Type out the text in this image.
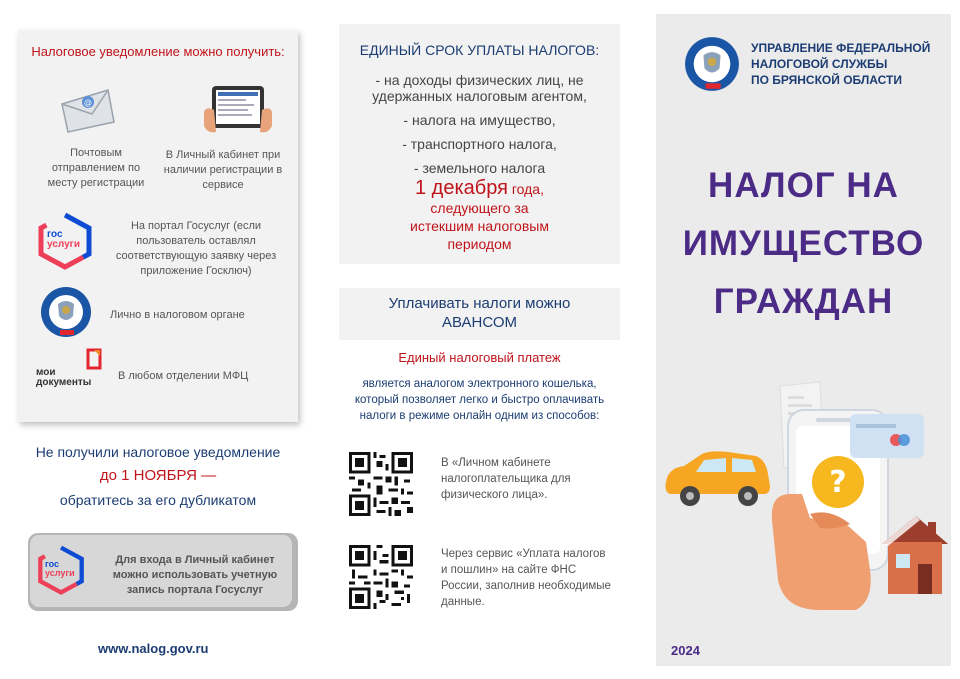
Налоговое уведомление можно получить:
@
Почтовым отправлением по месту регистрации
В Личный кабинет при наличии регистрации в сервисе
гос
услуги
На портал Госуслуг (если пользователь оставлял соответствующую заявку через приложение Госключ)
Лично в налоговом органе
мои
документы
В любом отделении МФЦ
Не получили налоговое уведомление
до 1 НОЯБРЯ —
обратитесь за его дубликатом
гос
услуги
Для входа в Личный кабинет можно использовать учетную запись портала Госуслуг
www.nalog.gov.ru
ЕДИНЫЙ СРОК УПЛАТЫ НАЛОГОВ:
- на доходы физических лиц, не удержанных налоговым агентом,
- налога на имущество,
- транспортного налога,
- земельного налога
1 декабря года,
следующего за истекшим налоговым периодом
Уплачивать налоги можно АВАНСОМ
Единый налоговый платеж
является аналогом электронного кошелька, который позволяет легко и быстро оплачивать налоги в режиме онлайн одним из способов:
В «Личном кабинете налогоплательщика для физического лица».
Через сервис «Уплата налогов и пошлин» на сайте ФНС России, заполнив необходимые данные.
УПРАВЛЕНИЕ ФЕДЕРАЛЬНОЙ
НАЛОГОВОЙ СЛУЖБЫ
ПО БРЯНСКОЙ ОБЛАСТИ
НАЛОГ НА
ИМУЩЕСТВО
ГРАЖДАН
?
2024
